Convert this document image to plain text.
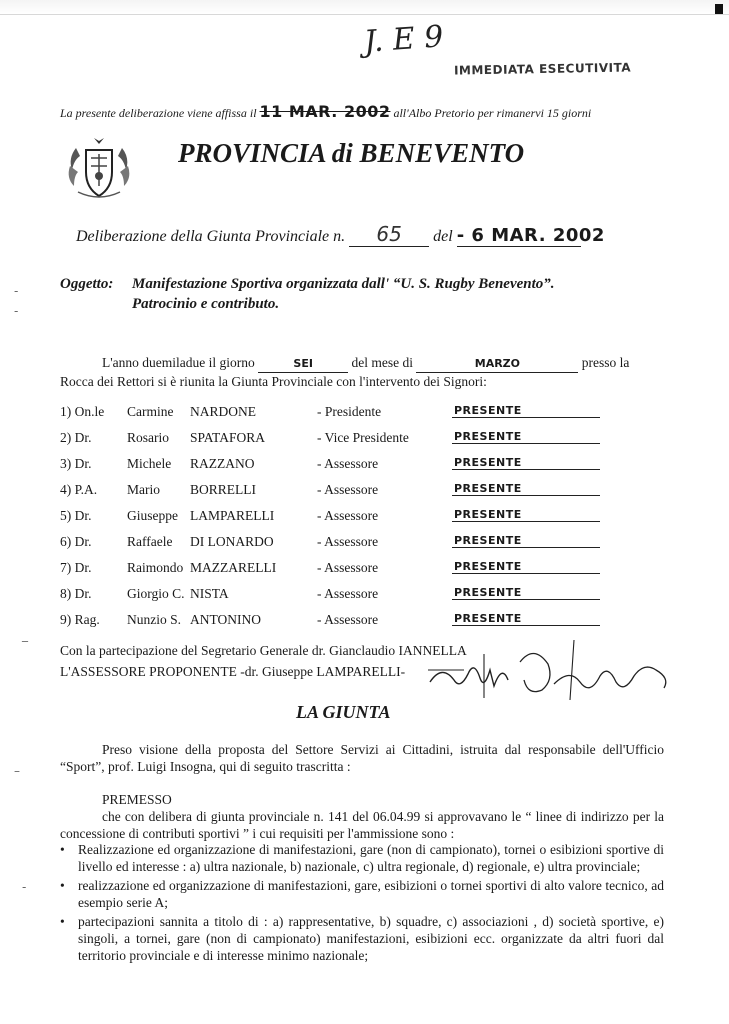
J. E 9
IMMEDIATA ESECUTIVITA
La presente deliberazione viene affissa il 11 MAR. 2002 all'Albo Pretorio per rimanervi 15 giorni
PROVINCIA di BENEVENTO
Deliberazione della Giunta Provinciale n. 65 del - 6 MAR. 2002
Oggetto: Manifestazione Sportiva organizzata dall' “U. S. Rugby Benevento”.
Patrocinio e contributo.
L'anno duemiladue il giorno	SEI	del mese di	MARZO	presso la Rocca dei Rettori si è riunita la Giunta Provinciale con l'intervento dei Signori:
1) On.le Carmine NARDONE	- Presidente	PRESENTE
2) Dr.	Rosario SPATAFORA	- Vice Presidente	PRESENTE
3) Dr.	Michele RAZZANO	- Assessore	PRESENTE
4) P.A. Mario BORRELLI	- Assessore	PRESENTE
5) Dr.	Giuseppe LAMPARELLI	- Assessore	PRESENTE
6) Dr.	Raffaele DI LONARDO	- Assessore	PRESENTE
7) Dr.	Raimondo MAZZARELLI	- Assessore	PRESENTE
8) Dr.	Giorgio C. NISTA	- Assessore	PRESENTE
9) Rag. Nunzio S. ANTONINO	- Assessore	PRESENTE
Con la partecipazione del Segretario Generale dr. Gianclaudio IANNELLA
L'ASSESSORE PROPONENTE -dr. Giuseppe LAMPARELLI-
LA GIUNTA
Preso visione della proposta del Settore Servizi ai Cittadini, istruita dal responsabile dell'Ufficio “Sport”, prof. Luigi Insogna, qui di seguito trascritta :
PREMESSO
che con delibera di giunta provinciale n. 141 del 06.04.99 si approvavano le “ linee di indirizzo per la concessione di contributi sportivi ” i cui requisiti per l'ammissione sono :
• Realizzazione ed organizzazione di manifestazioni, gare (non di campionato), tornei o esibizioni sportive di livello ed interesse : a) ultra nazionale, b) nazionale, c) ultra regionale, d) regionale, e) ultra provinciale;
• realizzazione ed organizzazione di manifestazioni, gare, esibizioni o tornei sportivi di alto valore tecnico, ad esempio serie A;
• partecipazioni sannita a titolo di : a) rappresentative, b) squadre, c) associazioni , d) società sportive, e) singoli, a tornei, gare (non di campionato) manifestazioni, esibizioni ecc. organizzate da altri fuori dal territorio provinciale e di interesse minimo nazionale;
-
-
_
–
-
